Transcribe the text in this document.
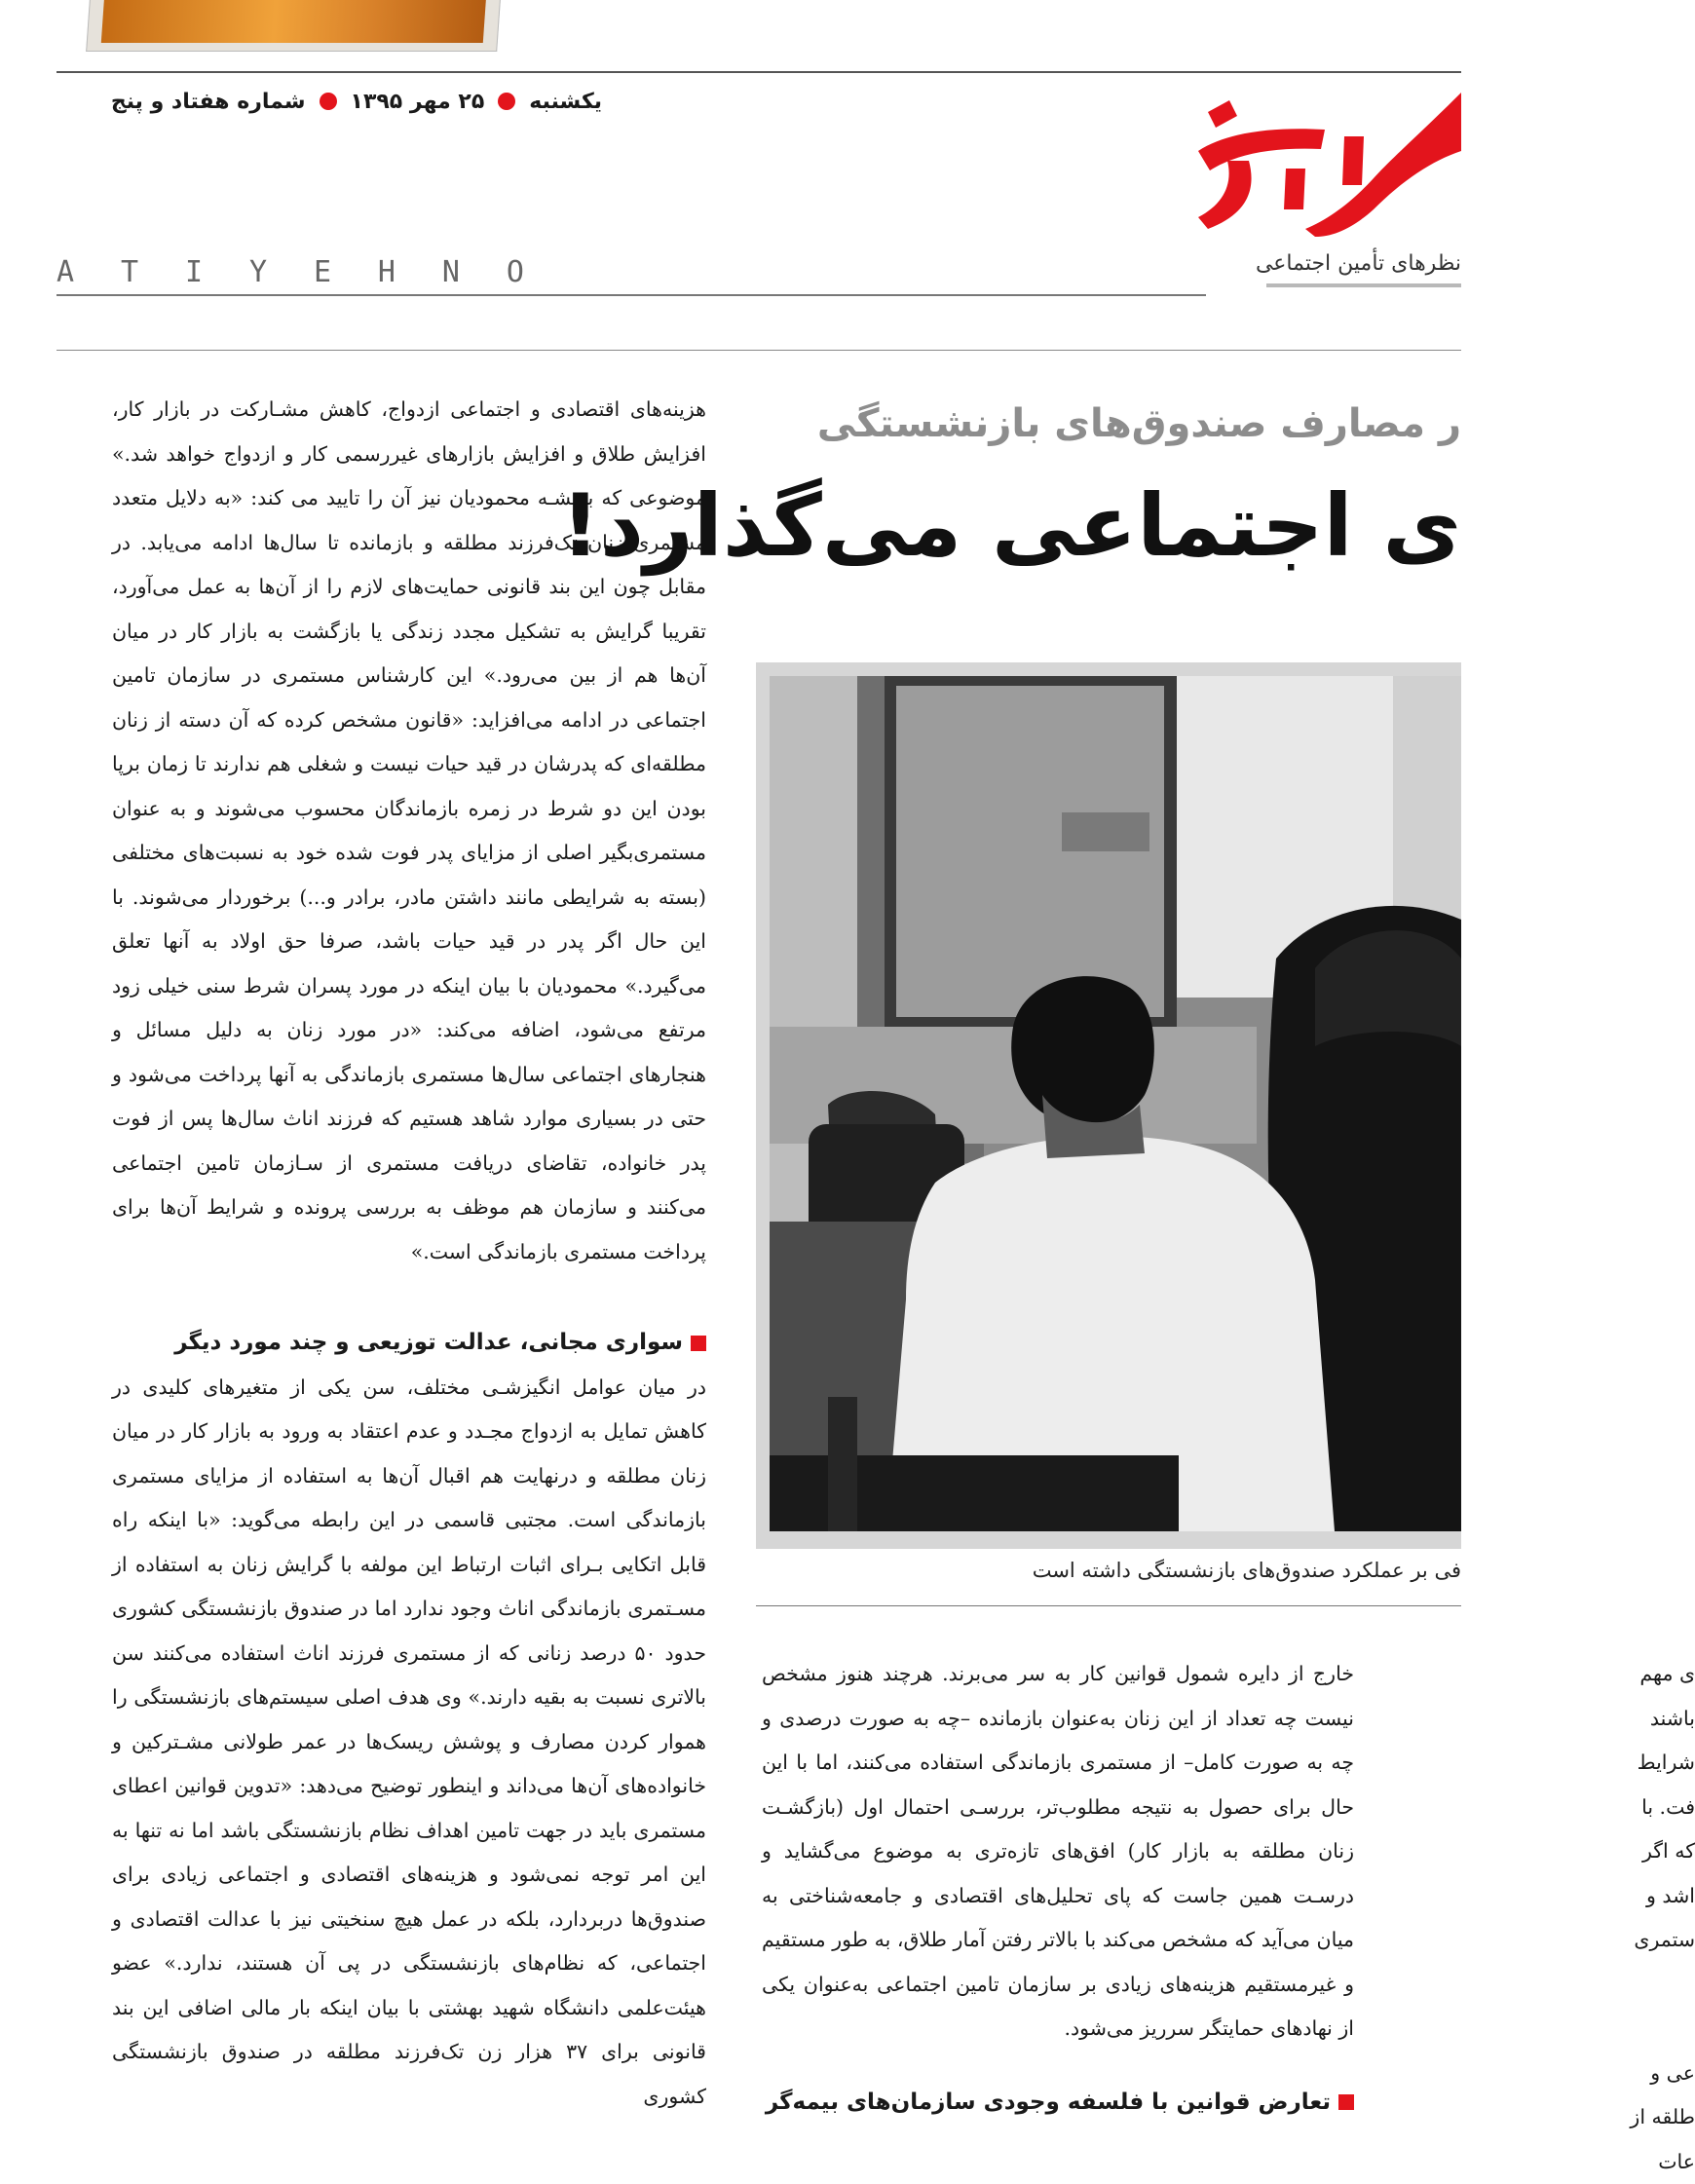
یکشنبه
۲۵ مهر ۱۳۹۵
شماره هفتاد و پنج
نظرهای تأمین اجتماعی
A T I Y E H N O

هزینه‌های اقتصادی و اجتماعی ازدواج، کاهش مشـارکت در بازار کار، افزایش طلاق و افزایش بازارهای غیررسمی کار و ازدواج خواهد شد.» موضوعی که بنفشـه محمودیان نیز آن را تایید می کند: «به دلایل متعدد مستمری زنان تک‌فرزند مطلقه و بازمانده تا سال‌ها ادامه می‌یابد. در مقابل چون این بند قانونی حمایت‌های لازم را از آن‌ها به عمل می‌آورد، تقریبا گرایش به تشکیل مجدد زندگی یا بازگشت به بازار کار در میان آن‌ها هم از بین می‌رود.» این کارشناس مستمری در سازمان تامین اجتماعی در ادامه می‌افزاید: «قانون مشخص کرده که آن دسته از زنان مطلقه‌ای که پدرشان در قید حیات نیست و شغلی هم ندارند تا زمان برپا بودن این دو شرط در زمره بازماندگان محسوب می‌شوند و به عنوان مستمری‌بگیر اصلی از مزایای پدر فوت شده خود به نسبت‌های مختلفی (بسته به شرایطی مانند داشتن مادر، برادر و...) برخوردار می‌شوند. با این حال اگر پدر در قید حیات باشد، صرفا حق اولاد به آنها تعلق می‌گیرد.» محمودیان با بیان اینکه در مورد پسران شرط سنی خیلی زود مرتفع می‌شود، اضافه می‌کند: «در مورد زنان به دلیل مسائل و هنجارهای اجتماعی سال‌ها مستمری بازماندگی به آنها پرداخت می‌شود و حتی در بسیاری موارد شاهد هستیم که فرزند اناث سال‌ها پس از فوت پدر خانواده، تقاضای دریافت مستمری از سـازمان تامین اجتماعی می‌کنند و سازمان هم موظف به بررسی پرونده و شرایط آن‌ها برای پرداخت مستمری بازماندگی است.»

سواری مجانی، عدالت توزیعی و چند مورد دیگر

در میان عوامل انگیزشـی مختلف، سن یکی از متغیرهای کلیدی در کاهش تمایل به ازدواج مجـدد و عدم اعتقاد به ورود به بازار کار در میان زنان مطلقه و درنهایت هم اقبال آن‌ها به استفاده از مزایای مستمری بازماندگی است. مجتبی قاسمی در این رابطه می‌گوید: «با اینکه راه قابل اتکایی بـرای اثبات ارتباط این مولفه با گرایش زنان به استفاده از مسـتمری بازماندگی اناث وجود ندارد اما در صندوق بازنشستگی کشوری حدود ۵۰ درصد زنانی که از مستمری فرزند اناث استفاده می‌کنند سن بالاتری نسبت به بقیه دارند.» وی هدف اصلی سیستم‌های بازنشستگی را هموار کردن مصارف و پوشش ریسک‌ها در عمر طولانی مشـترکین و خانواده‌های آن‌ها می‌داند و اینطور توضیح می‌دهد: «تدوین قوانین اعطای مستمری باید در جهت تامین اهداف نظام بازنشستگی باشد اما نه تنها به این امر توجه نمی‌شود و هزینه‌های اقتصادی و اجتماعی زیادی برای صندوق‌ها دربردارد، بلکه در عمل هیچ سنخیتی نیز با عدالت اقتصادی و اجتماعی، که نظام‌های بازنشستگی در پی آن هستند، ندارد.» عضو هیئت‌علمی دانشگاه شهید بهشتی با بیان اینکه بار مالی اضافی این بند قانونی برای ۳۷ هزار زن تک‌فرزند مطلقه در صندوق بازنشستگی کشوری

ر مصارف صندوق‌های بازنشستگی
ی اجتماعی می‌گذارد!
فی بر عملکرد صندوق‌های بازنشستگی داشته است

خارج از دایره شمول قوانین کار به سر می‌برند. هرچند هنوز مشخص نیست چه تعداد از این زنان به‌عنوان بازمانده –چه به صورت درصدی و چه به صورت کامل– از مستمری بازماندگی استفاده می‌کنند، اما با این حال برای حصول به نتیجه مطلوب‌تر، بررسـی احتمال اول (بازگشـت زنان مطلقه به بازار کار) افق‌های تازه‌تری به موضوع می‌گشاید و درسـت همین جاست که پای تحلیل‌های اقتصادی و جامعه‌شناختی به میان می‌آید که مشخص می‌کند با بالاتر رفتن آمار طلاق، به طور مستقیم و غیرمستقیم هزینه‌های زیادی بر سازمان تامین اجتماعی به‌عنوان یکی از نهادهای حمایتگر سرریز می‌شود.

تعارض قوانین با فلسفه وجودی سازمان‌های بیمه‌گر

ی مهم
باشند
شرایط
فت. با
که اگر
اشد و
ستمری
عی و
طلقه از
عات
